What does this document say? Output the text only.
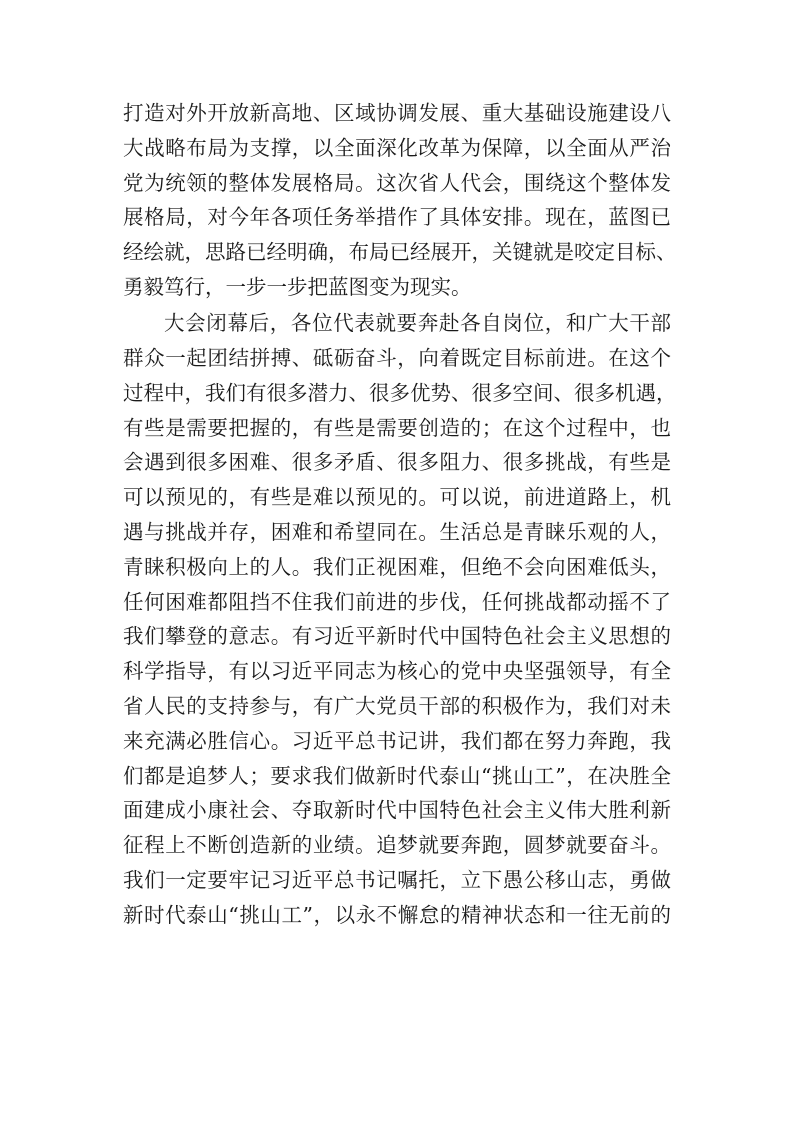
打造对外开放新高地、区域协调发展、重大基础设施建设八
大战略布局为支撑，以全面深化改革为保障，以全面从严治
党为统领的整体发展格局。这次省人代会，围绕这个整体发
展格局，对今年各项任务举措作了具体安排。现在，蓝图已
经绘就，思路已经明确，布局已经展开，关键就是咬定目标、
勇毅笃行，一步一步把蓝图变为现实。
大会闭幕后，各位代表就要奔赴各自岗位，和广大干部
群众一起团结拼搏、砥砺奋斗，向着既定目标前进。在这个
过程中，我们有很多潜力、很多优势、很多空间、很多机遇，
有些是需要把握的，有些是需要创造的；在这个过程中，也
会遇到很多困难、很多矛盾、很多阻力、很多挑战，有些是
可以预见的，有些是难以预见的。可以说，前进道路上，机
遇与挑战并存，困难和希望同在。生活总是青睐乐观的人，
青睐积极向上的人。我们正视困难，但绝不会向困难低头，
任何困难都阻挡不住我们前进的步伐，任何挑战都动摇不了
我们攀登的意志。有习近平新时代中国特色社会主义思想的
科学指导，有以习近平同志为核心的党中央坚强领导，有全
省人民的支持参与，有广大党员干部的积极作为，我们对未
来充满必胜信心。习近平总书记讲，我们都在努力奔跑，我
们都是追梦人；要求我们做新时代泰山“挑山工”，在决胜全
面建成小康社会、夺取新时代中国特色社会主义伟大胜利新
征程上不断创造新的业绩。追梦就要奔跑，圆梦就要奋斗。
我们一定要牢记习近平总书记嘱托，立下愚公移山志，勇做
新时代泰山“挑山工”，以永不懈怠的精神状态和一往无前的
